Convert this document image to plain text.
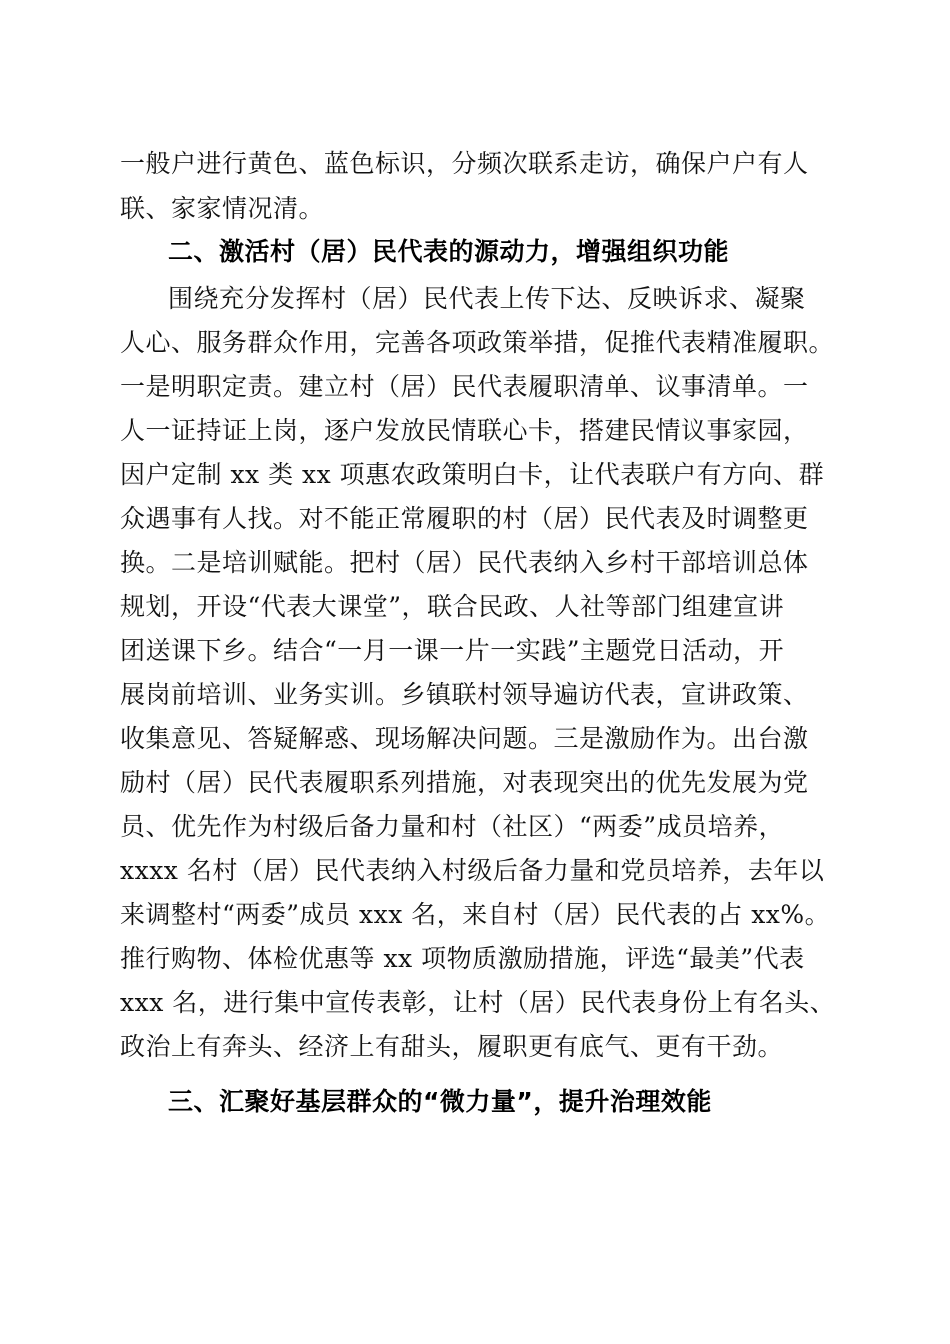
一般户进行黄色、蓝色标识，分频次联系走访，确保户户有人
联、家家情况清。
二、激活村（居）民代表的源动力，增强组织功能
围绕充分发挥村（居）民代表上传下达、反映诉求、凝聚
人心、服务群众作用，完善各项政策举措，促推代表精准履职。
一是明职定责。建立村（居）民代表履职清单、议事清单。一
人一证持证上岗，逐户发放民情联心卡，搭建民情议事家园，
因户定制 xx 类 xx 项惠农政策明白卡，让代表联户有方向、群
众遇事有人找。对不能正常履职的村（居）民代表及时调整更
换。二是培训赋能。把村（居）民代表纳入乡村干部培训总体
规划，开设“代表大课堂”，联合民政、人社等部门组建宣讲
团送课下乡。结合“一月一课一片一实践”主题党日活动，开
展岗前培训、业务实训。乡镇联村领导遍访代表，宣讲政策、
收集意见、答疑解惑、现场解决问题。三是激励作为。出台激
励村（居）民代表履职系列措施，对表现突出的优先发展为党
员、优先作为村级后备力量和村（社区）“两委”成员培养，
xxxx 名村（居）民代表纳入村级后备力量和党员培养，去年以
来调整村“两委”成员 xxx 名，来自村（居）民代表的占 xx%。
推行购物、体检优惠等 xx 项物质激励措施，评选“最美”代表
xxx 名，进行集中宣传表彰，让村（居）民代表身份上有名头、
政治上有奔头、经济上有甜头，履职更有底气、更有干劲。
三、汇聚好基层群众的“微力量”，提升治理效能
